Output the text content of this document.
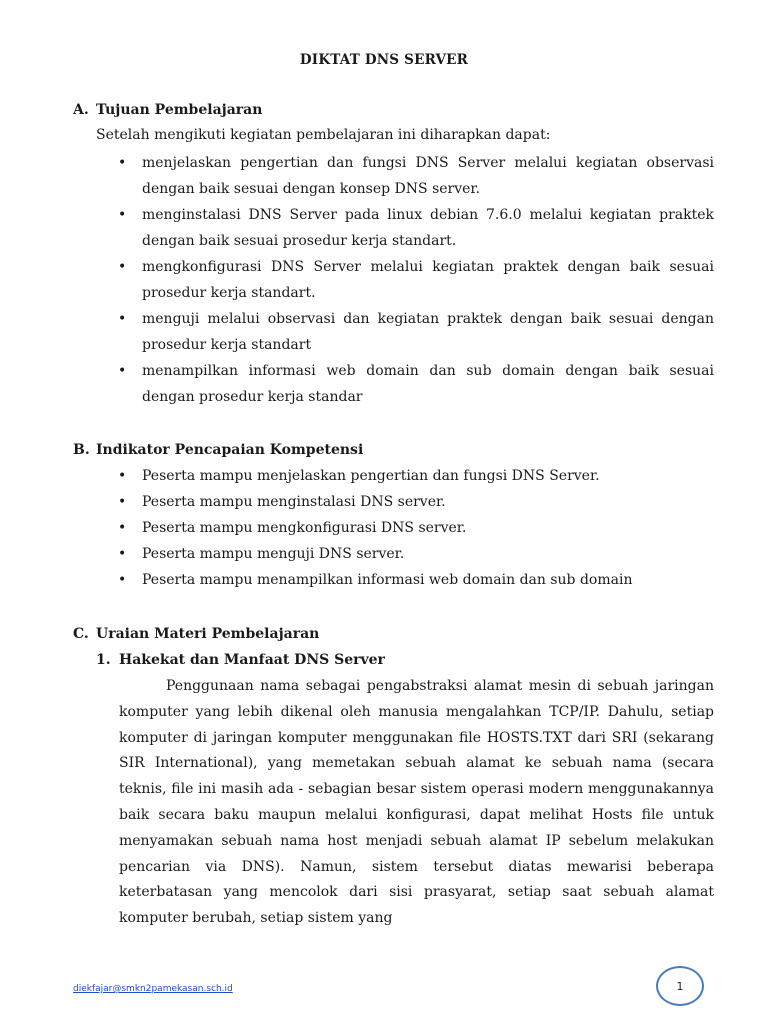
DIKTAT DNS SERVER
A. Tujuan Pembelajaran
Setelah mengikuti kegiatan pembelajaran ini diharapkan dapat:
• menjelaskan pengertian dan fungsi DNS Server melalui kegiatan observasi dengan baik sesuai dengan konsep DNS server.
• menginstalasi DNS Server pada linux debian 7.6.0 melalui kegiatan praktek dengan baik sesuai prosedur kerja standart.
• mengkonfigurasi DNS Server melalui kegiatan praktek dengan baik sesuai prosedur kerja standart.
• menguji melalui observasi dan kegiatan praktek dengan baik sesuai dengan prosedur kerja standart
• menampilkan informasi web domain dan sub domain dengan baik sesuai dengan prosedur kerja standar
B. Indikator Pencapaian Kompetensi
• Peserta mampu menjelaskan pengertian dan fungsi DNS Server.
• Peserta mampu menginstalasi DNS server.
• Peserta mampu mengkonfigurasi DNS server.
• Peserta mampu menguji DNS server.
• Peserta mampu menampilkan informasi web domain dan sub domain
C. Uraian Materi Pembelajaran
1. Hakekat dan Manfaat DNS Server
Penggunaan nama sebagai pengabstraksi alamat mesin di sebuah jaringan komputer yang lebih dikenal oleh manusia mengalahkan TCP/IP. Dahulu, setiap komputer di jaringan komputer menggunakan file HOSTS.TXT dari SRI (sekarang SIR International), yang memetakan sebuah alamat ke sebuah nama (secara teknis, file ini masih ada - sebagian besar sistem operasi modern menggunakannya baik secara baku maupun melalui konfigurasi, dapat melihat Hosts file untuk menyamakan sebuah nama host menjadi sebuah alamat IP sebelum melakukan pencarian via DNS). Namun, sistem tersebut diatas mewarisi beberapa keterbatasan yang mencolok dari sisi prasyarat, setiap saat sebuah alamat komputer berubah, setiap sistem yang
diekfajar@smkn2pamekasan.sch.id	1
